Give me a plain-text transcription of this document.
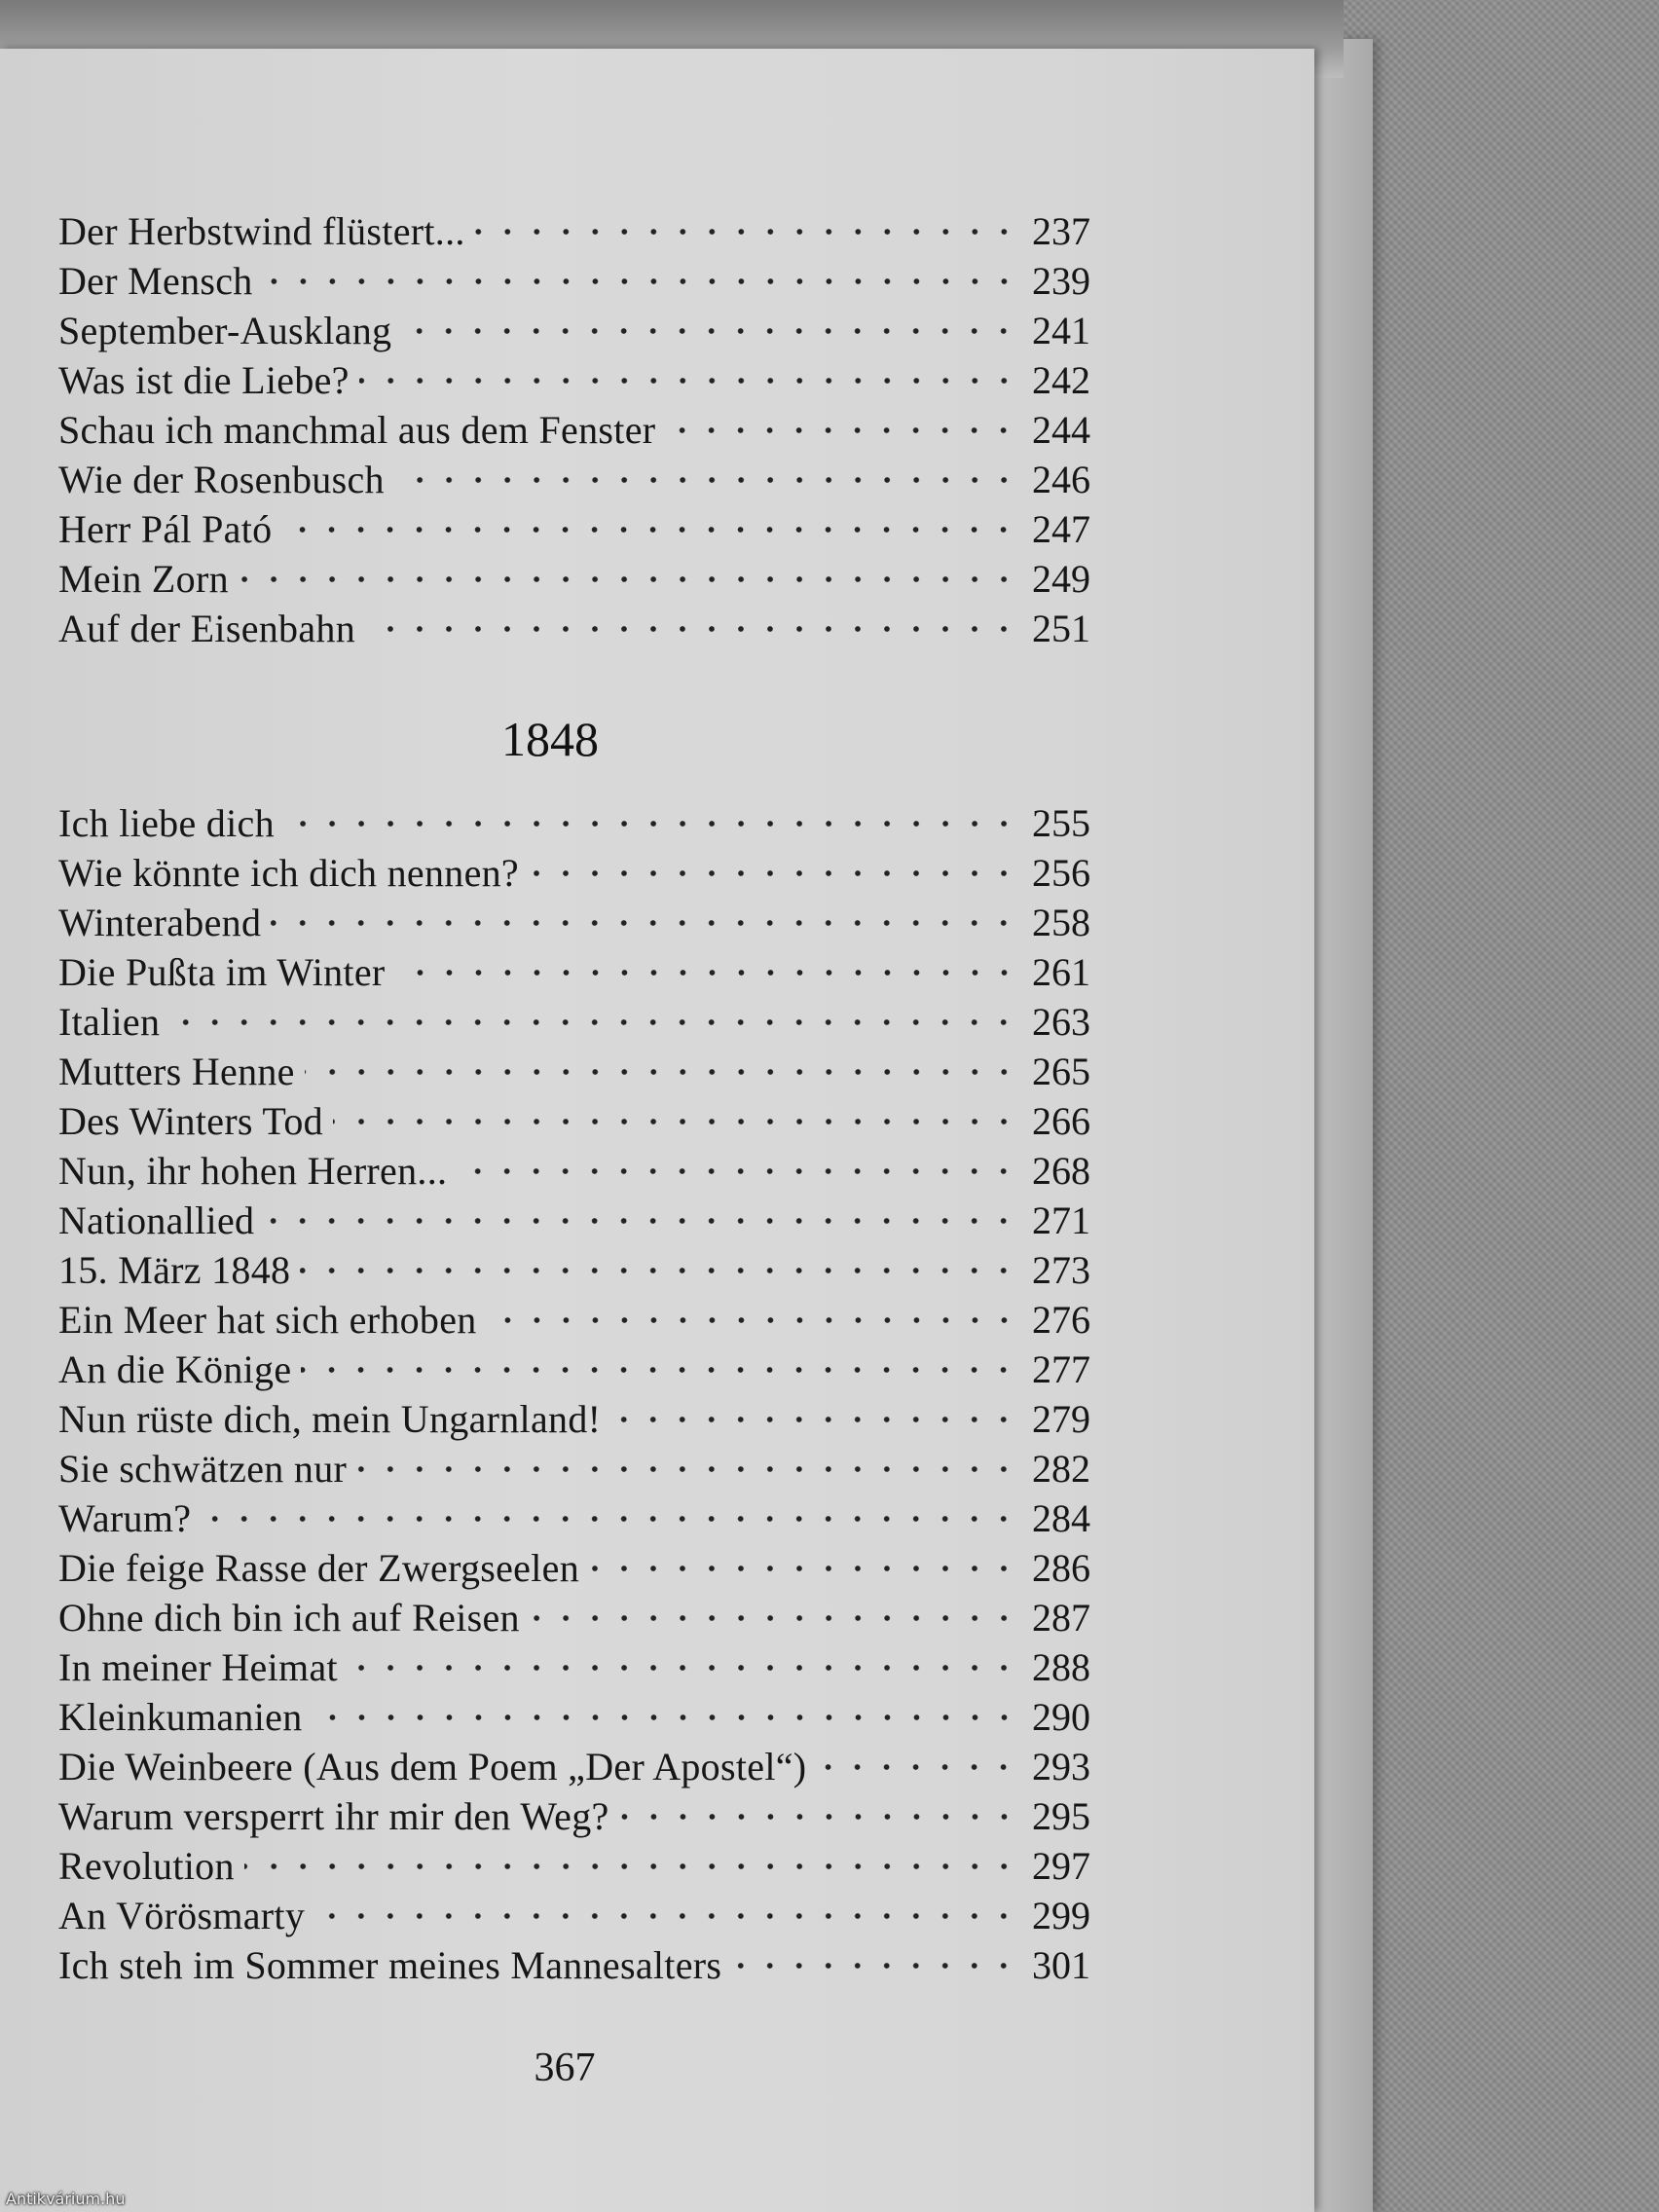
Der Herbstwind flüstert...	237
Der Mensch	239
September-Ausklang	241
Was ist die Liebe?	242
Schau ich manchmal aus dem Fenster	244
Wie der Rosenbusch	246
Herr Pál Pató	247
Mein Zorn	249
Auf der Eisenbahn	251
1848
Ich liebe dich	255
Wie könnte ich dich nennen?	256
Winterabend	258
Die Pußta im Winter	261
Italien	263
Mutters Henne	265
Des Winters Tod	266
Nun, ihr hohen Herren...	268
Nationallied	271
15. März 1848	273
Ein Meer hat sich erhoben	276
An die Könige	277
Nun rüste dich, mein Ungarnland!	279
Sie schwätzen nur	282
Warum?	284
Die feige Rasse der Zwergseelen	286
Ohne dich bin ich auf Reisen	287
In meiner Heimat	288
Kleinkumanien	290
Die Weinbeere (Aus dem Poem „Der Apostel“)	293
Warum versperrt ihr mir den Weg?	295
Revolution	297
An Vörösmarty	299
Ich steh im Sommer meines Mannesalters	301
367
Antikvárium.hu
